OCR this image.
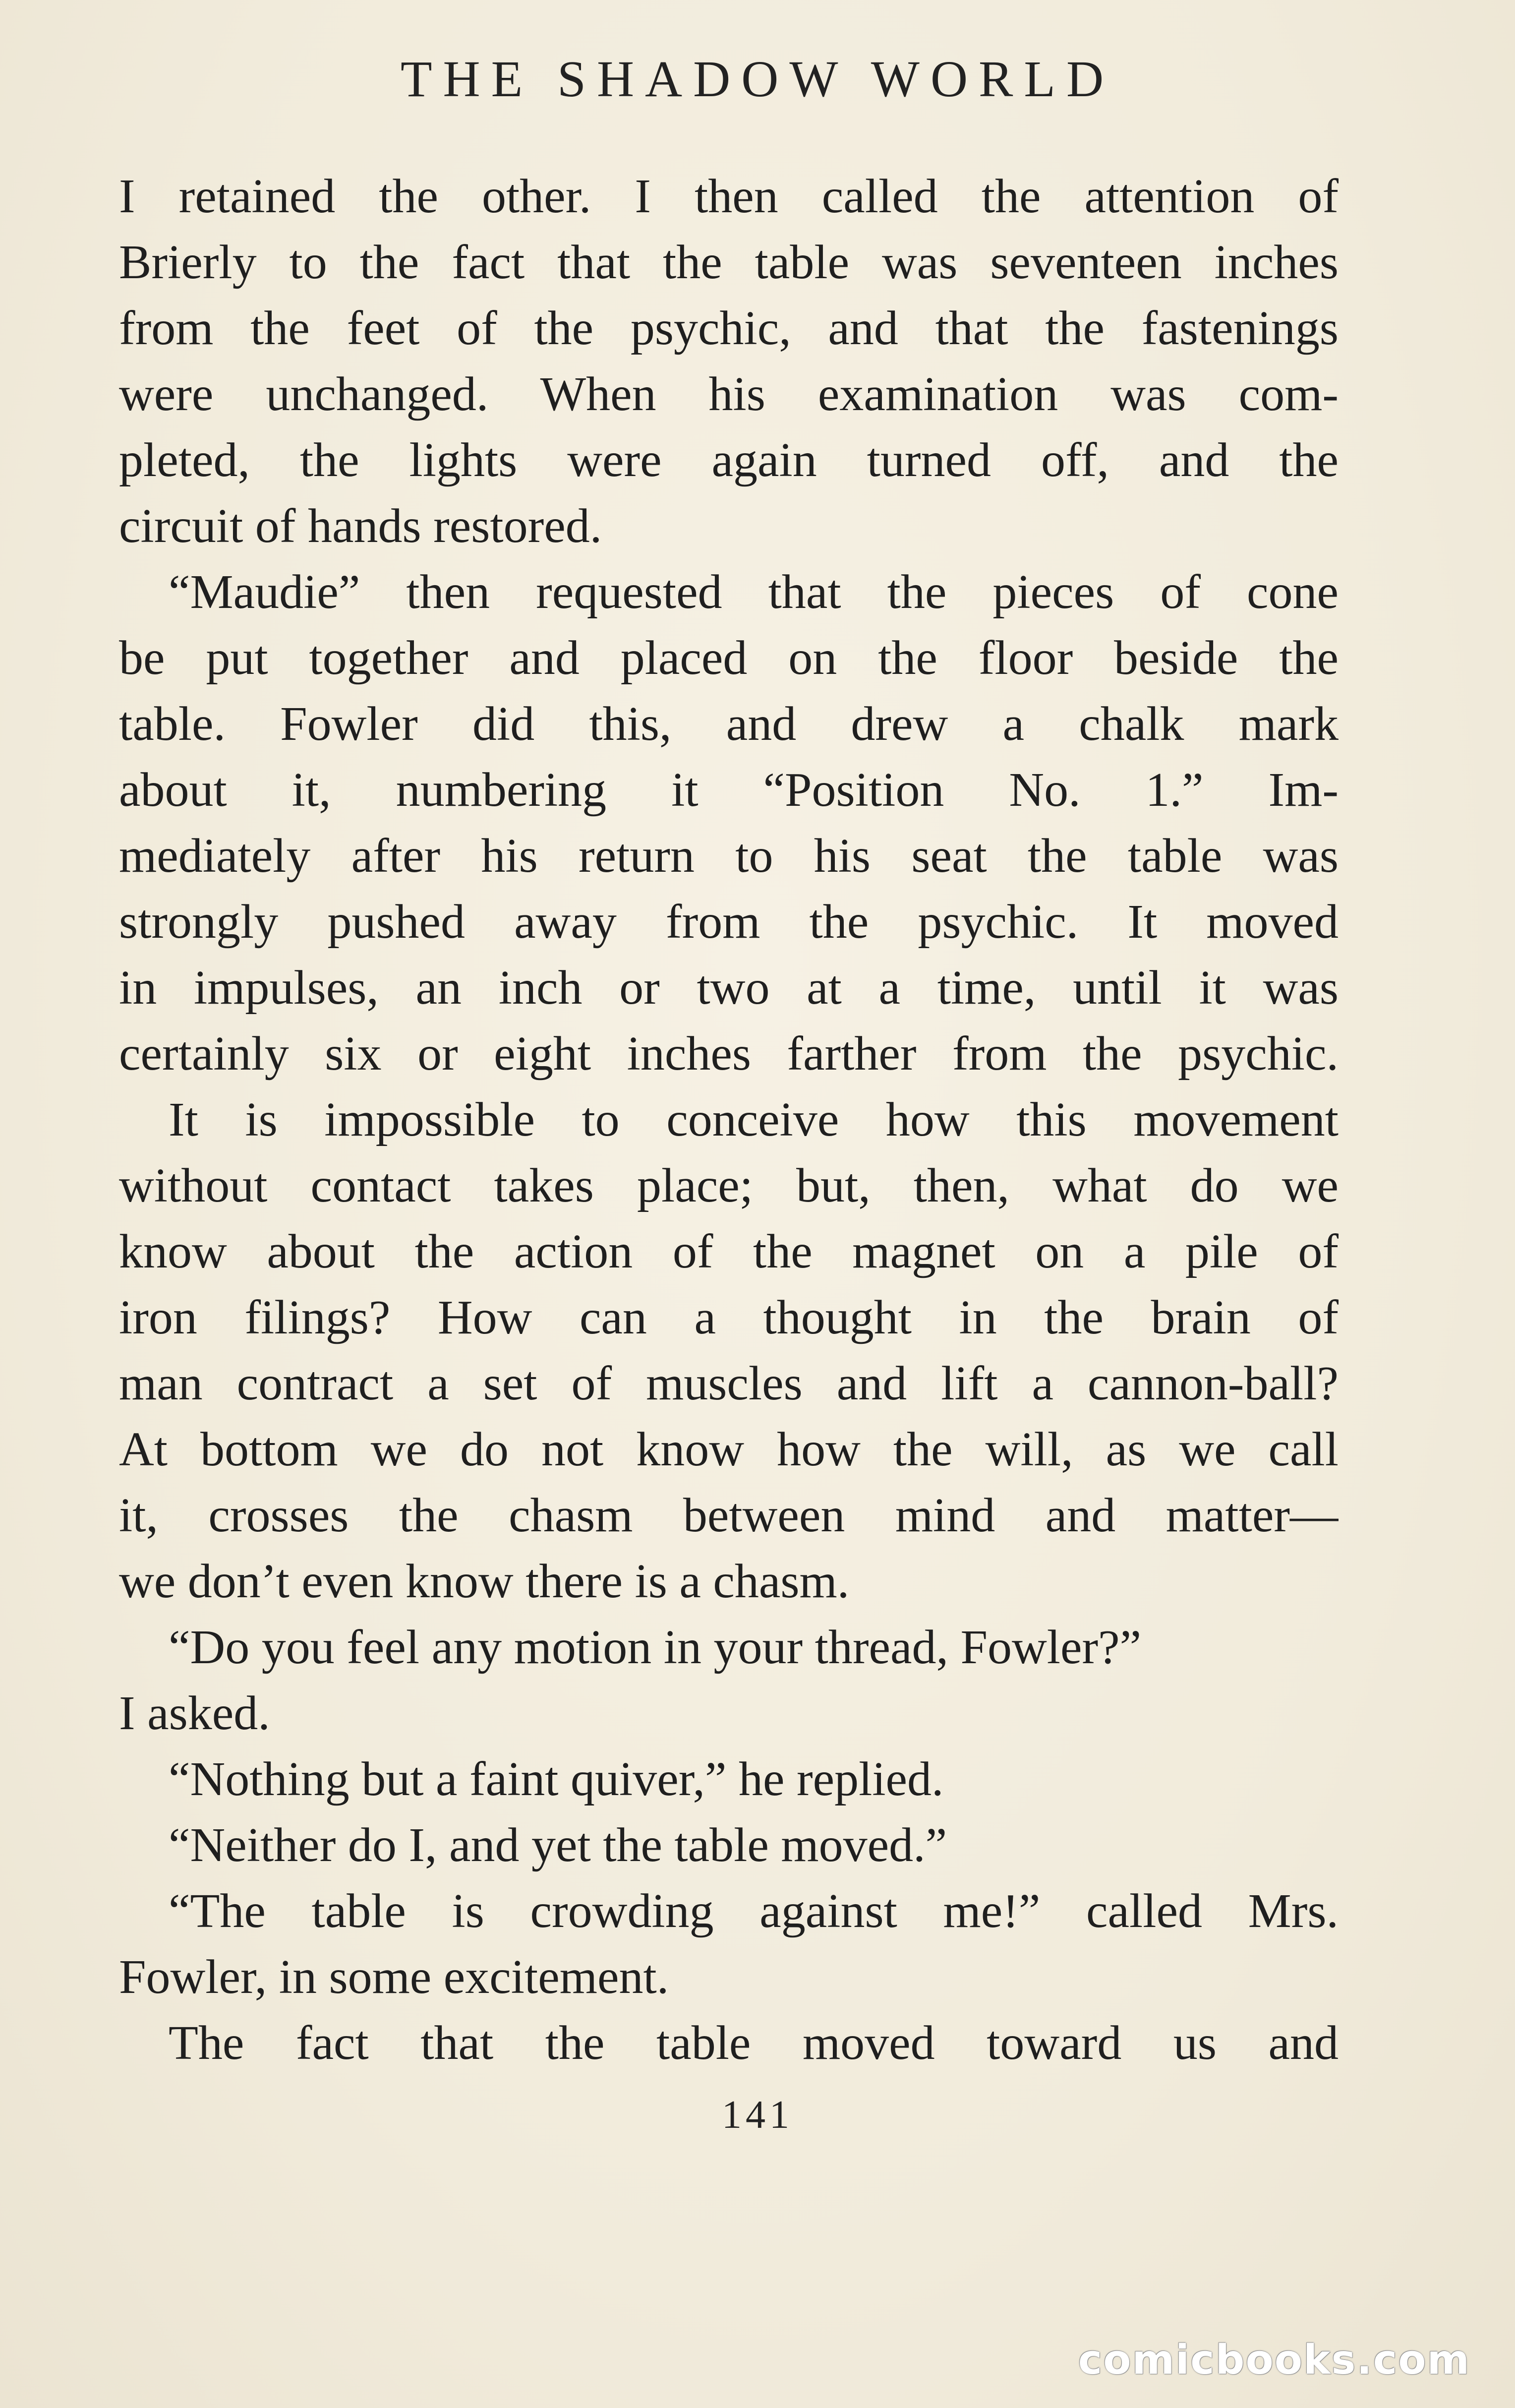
THE SHADOW WORLD
I retained the other. I then called the attention of
Brierly to the fact that the table was seventeen inches
from the feet of the psychic, and that the fastenings
were unchanged. When his examination was com-
pleted, the lights were again turned off, and the
circuit of hands restored.
“Maudie” then requested that the pieces of cone
be put together and placed on the floor beside the
table. Fowler did this, and drew a chalk mark
about it, numbering it “Position No. 1.” Im-
mediately after his return to his seat the table was
strongly pushed away from the psychic. It moved
in impulses, an inch or two at a time, until it was
certainly six or eight inches farther from the psychic.
It is impossible to conceive how this movement
without contact takes place; but, then, what do we
know about the action of the magnet on a pile of
iron filings? How can a thought in the brain of
man contract a set of muscles and lift a cannon-ball?
At bottom we do not know how the will, as we call
it, crosses the chasm between mind and matter—
we don’t even know there is a chasm.
“Do you feel any motion in your thread, Fowler?”
I asked.
“Nothing but a faint quiver,” he replied.
“Neither do I, and yet the table moved.”
“The table is crowding against me!” called Mrs.
Fowler, in some excitement.
The fact that the table moved toward us and
141
comicbooks.com
